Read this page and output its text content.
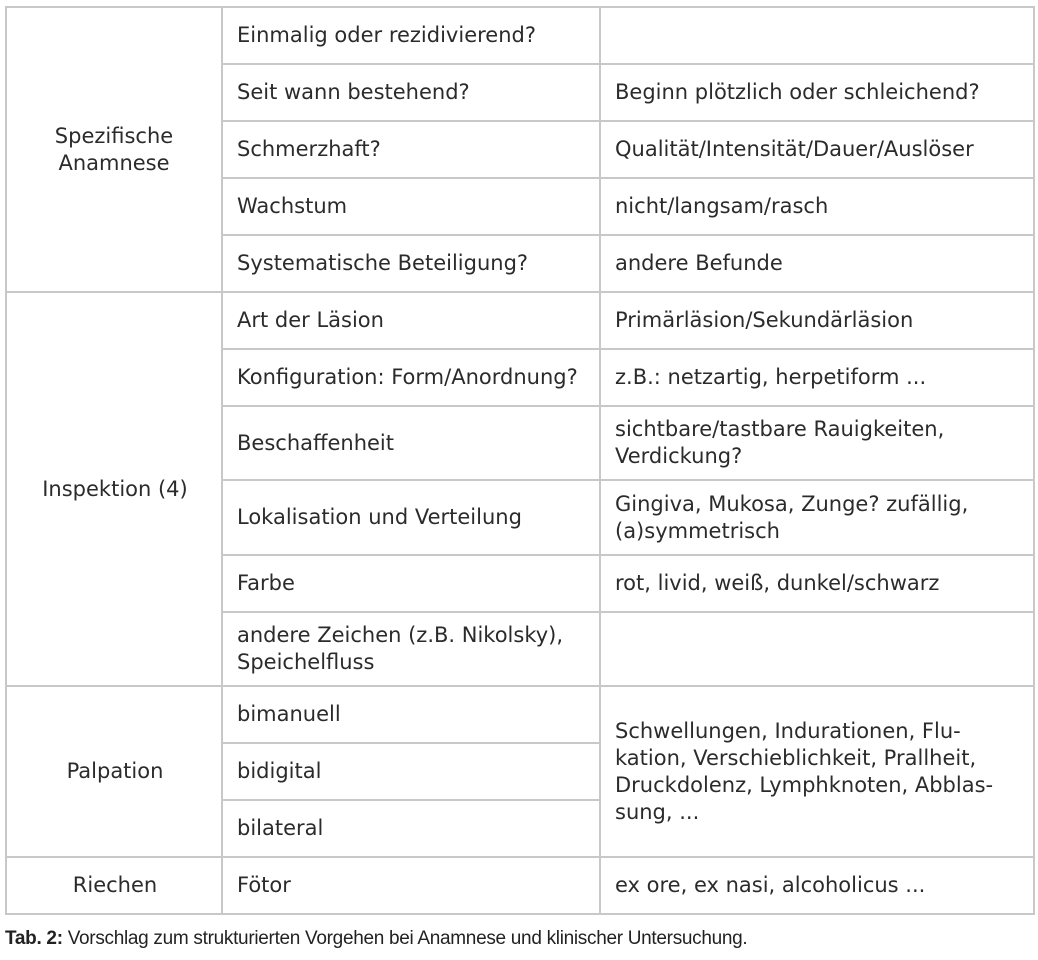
Spezifische Anamnese	Einmalig oder rezidivierend?	
	Seit wann bestehend?	Beginn plötzlich oder schleichend?
	Schmerzhaft?	Qualität/Intensität/Dauer/Auslöser
	Wachstum	nicht/langsam/rasch
	Systematische Beteiligung?	andere Befunde
Inspektion (4)	Art der Läsion	Primärläsion/Sekundärläsion
	Konfiguration: Form/Anordnung?	z.B.: netzartig, herpetiform ...
	Beschaffenheit	sichtbare/tastbare Rauigkeiten, Verdickung?
	Lokalisation und Verteilung	Gingiva, Mukosa, Zunge? zufällig, (a)symmetrisch
	Farbe	rot, livid, weiß, dunkel/schwarz
	andere Zeichen (z.B. Nikolsky), Speichelfluss	
Palpation	bimanuell	Schwellungen, Indurationen, Flu-kation, Verschieblichkeit, Prallheit, Druckdolenz, Lymphknoten, Abblas-sung, ...
	bidigital	
	bilateral	
Riechen	Fötor	ex ore, ex nasi, alcoholicus ...
Tab. 2: Vorschlag zum strukturierten Vorgehen bei Anamnese und klinischer Untersuchung.
